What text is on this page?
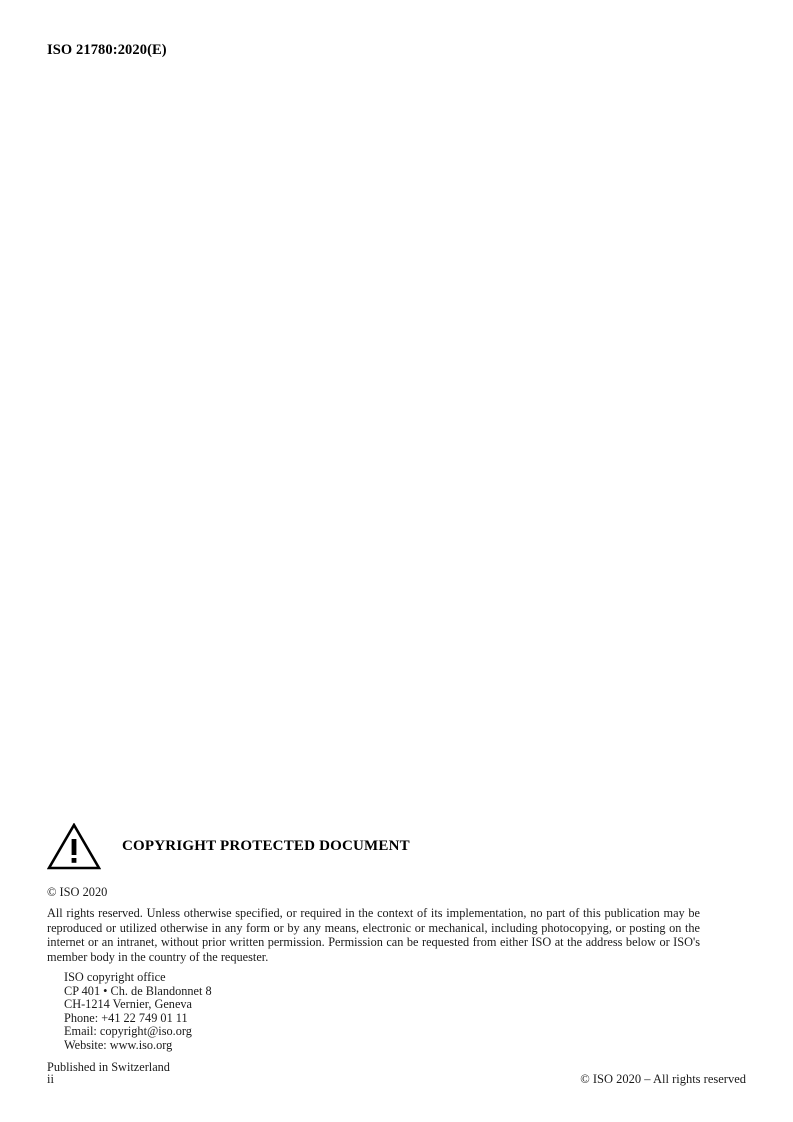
ISO 21780:2020(E)
COPYRIGHT PROTECTED DOCUMENT
© ISO 2020
All rights reserved. Unless otherwise specified, or required in the context of its implementation, no part of this publication may be reproduced or utilized otherwise in any form or by any means, electronic or mechanical, including photocopying, or posting on the internet or an intranet, without prior written permission. Permission can be requested from either ISO at the address below or ISO's member body in the country of the requester.
ISO copyright office
CP 401 • Ch. de Blandonnet 8
CH-1214 Vernier, Geneva
Phone: +41 22 749 01 11
Email: copyright@iso.org
Website: www.iso.org
Published in Switzerland
ii	© ISO 2020 – All rights reserved
